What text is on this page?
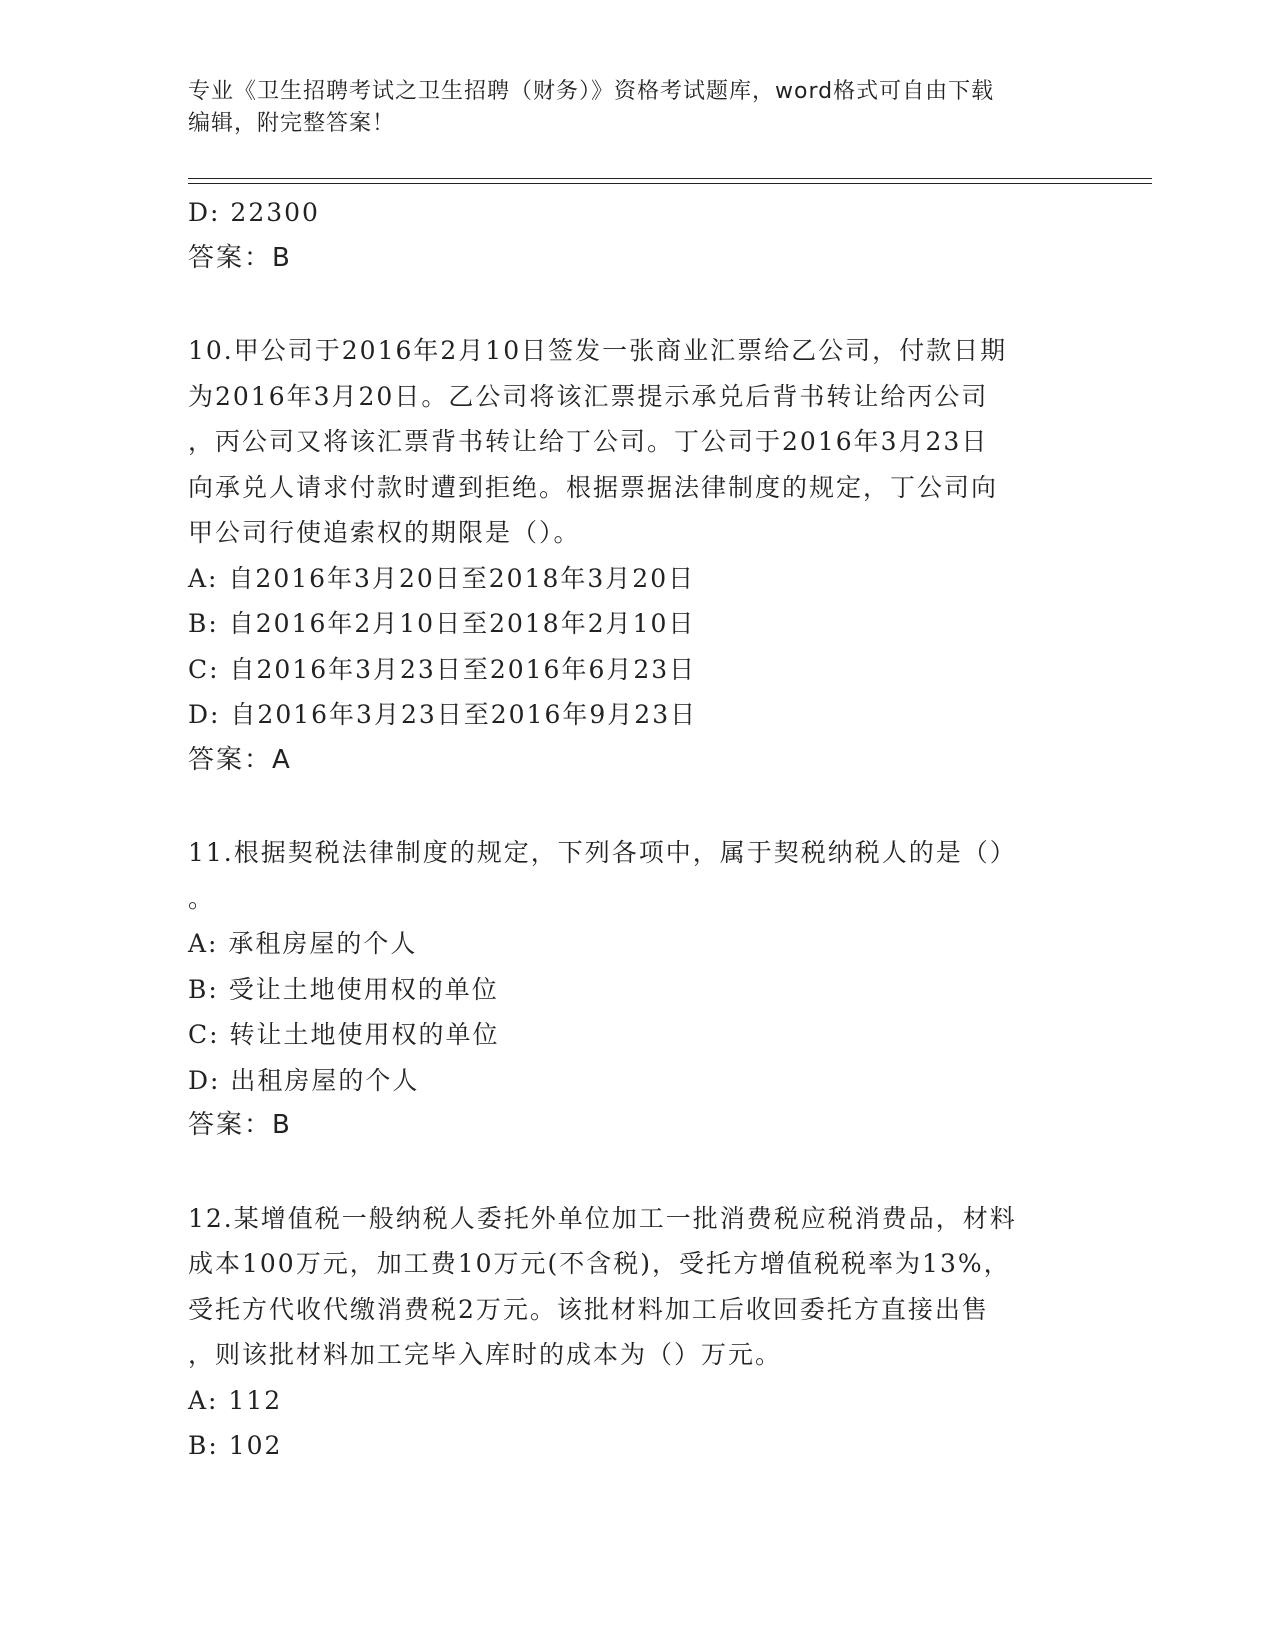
专业《卫生招聘考试之卫生招聘（财务）》资格考试题库，word格式可自由下载
编辑，附完整答案！
D: 22300
答案：B
10.甲公司于2016年2月10日签发一张商业汇票给乙公司，付款日期
为2016年3月20日。乙公司将该汇票提示承兑后背书转让给丙公司
，丙公司又将该汇票背书转让给丁公司。丁公司于2016年3月23日
向承兑人请求付款时遭到拒绝。根据票据法律制度的规定，丁公司向
甲公司行使追索权的期限是（）。
A: 自2016年3月20日至2018年3月20日
B: 自2016年2月10日至2018年2月10日
C: 自2016年3月23日至2016年6月23日
D: 自2016年3月23日至2016年9月23日
答案：A
11.根据契税法律制度的规定，下列各项中，属于契税纳税人的是（）
。
A: 承租房屋的个人
B: 受让土地使用权的单位
C: 转让土地使用权的单位
D: 出租房屋的个人
答案：B
12.某增值税一般纳税人委托外单位加工一批消费税应税消费品，材料
成本100万元，加工费10万元(不含税)，受托方增值税税率为13%，
受托方代收代缴消费税2万元。该批材料加工后收回委托方直接出售
，则该批材料加工完毕入库时的成本为（）万元。
A: 112
B: 102
